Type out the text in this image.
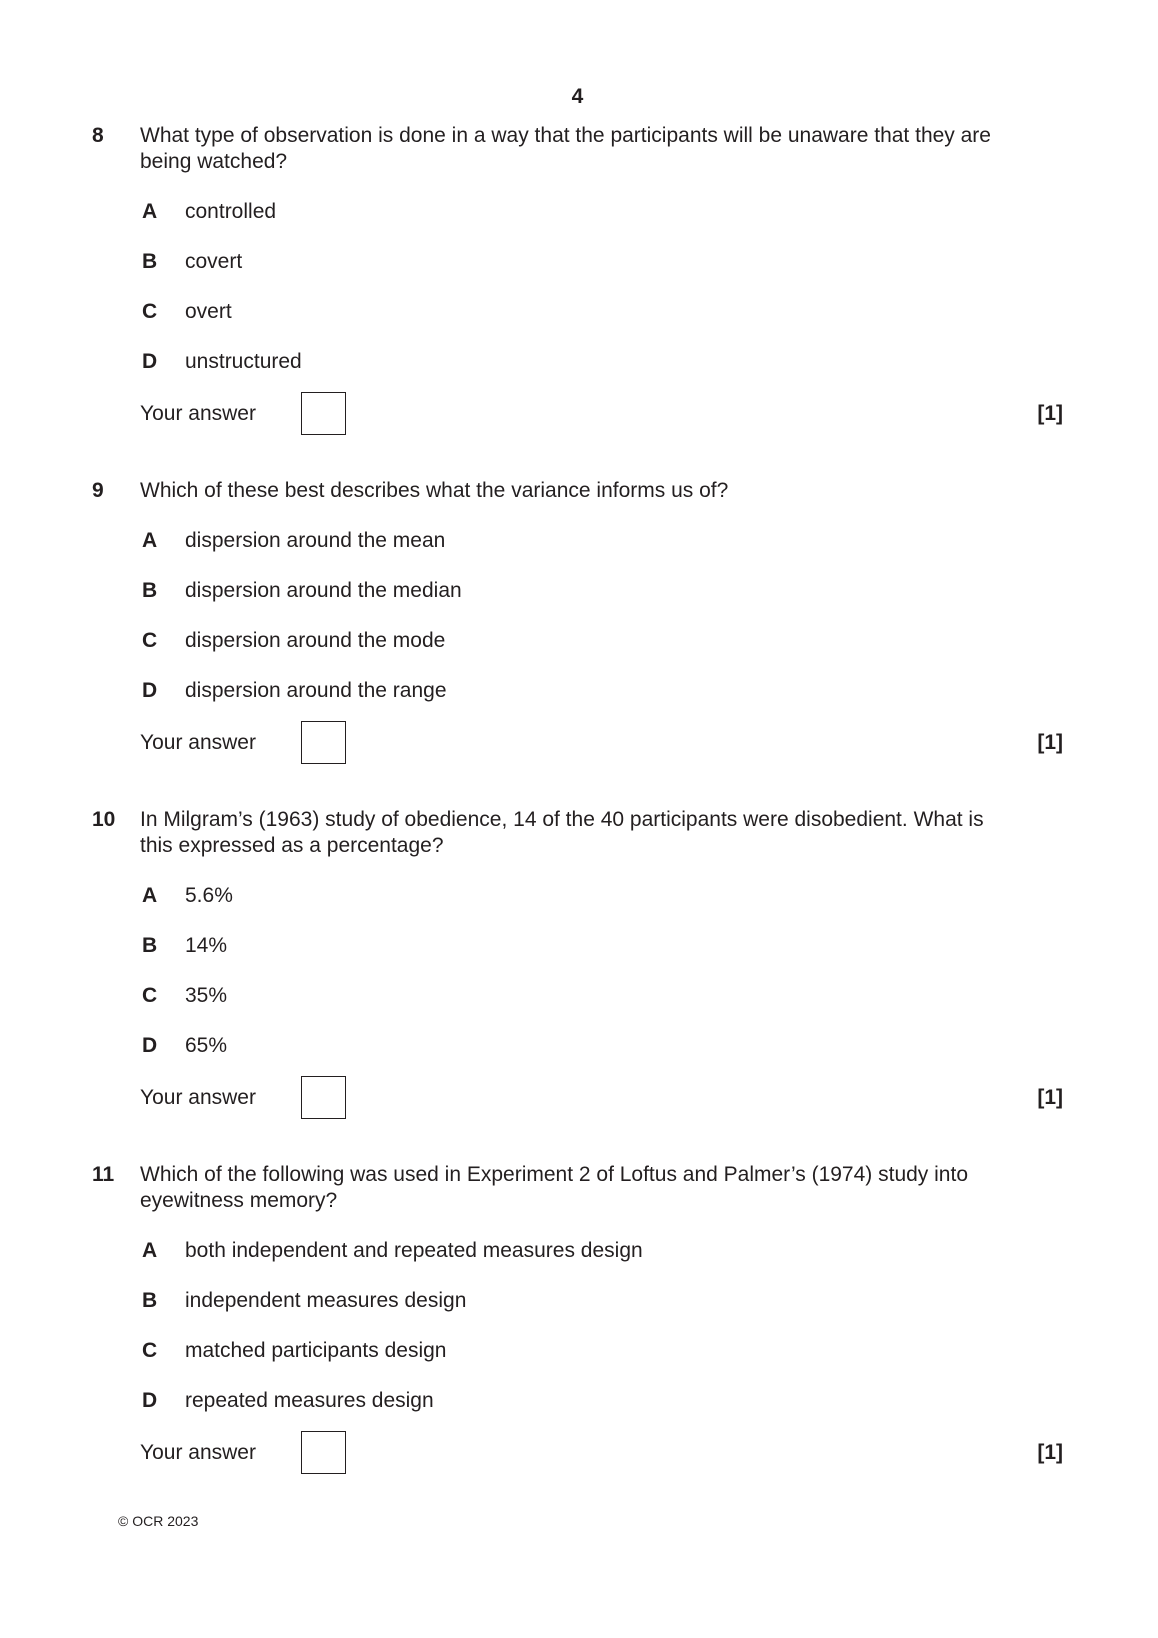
4
8	What type of observation is done in a way that the participants will be unaware that they are being watched?
A	controlled
B	covert
C	overt
D	unstructured
Your answer	[1]
9	Which of these best describes what the variance informs us of?
A	dispersion around the mean
B	dispersion around the median
C	dispersion around the mode
D	dispersion around the range
Your answer	[1]
10	In Milgram’s (1963) study of obedience, 14 of the 40 participants were disobedient. What is this expressed as a percentage?
A	5.6%
B	14%
C	35%
D	65%
Your answer	[1]
11	Which of the following was used in Experiment 2 of Loftus and Palmer’s (1974) study into eyewitness memory?
A	both independent and repeated measures design
B	independent measures design
C	matched participants design
D	repeated measures design
Your answer	[1]
© OCR 2023
